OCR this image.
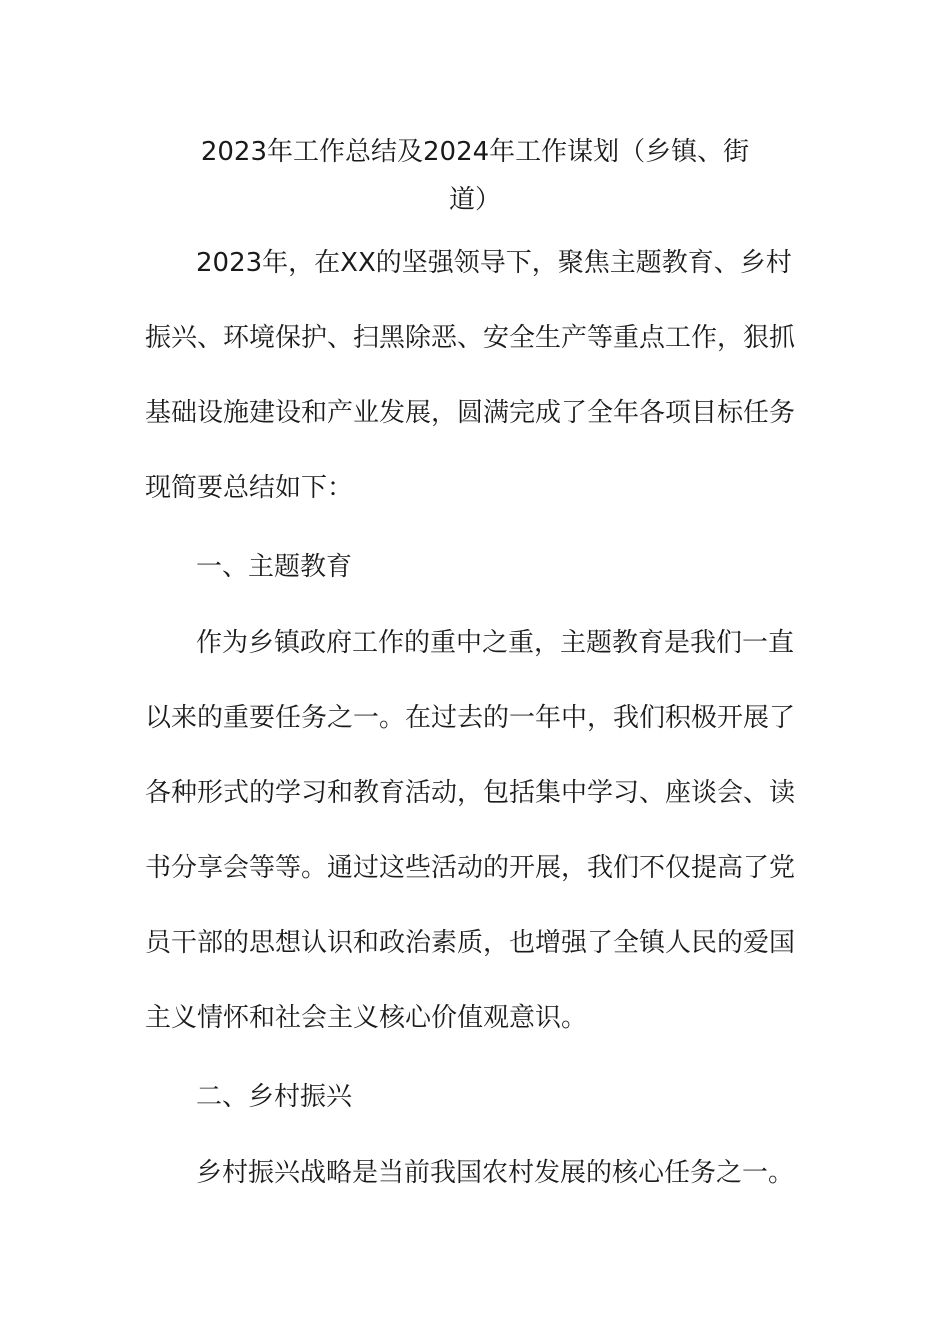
2023年工作总结及2024年工作谋划（乡镇、街
道）

2023年，在XX的坚强领导下，聚焦主题教育、乡村

振兴、环境保护、扫黑除恶、安全生产等重点工作，狠抓

基础设施建设和产业发展，圆满完成了全年各项目标任务

现简要总结如下：

一、主题教育

作为乡镇政府工作的重中之重，主题教育是我们一直

以来的重要任务之一。在过去的一年中，我们积极开展了

各种形式的学习和教育活动，包括集中学习、座谈会、读

书分享会等等。通过这些活动的开展，我们不仅提高了党

员干部的思想认识和政治素质，也增强了全镇人民的爱国

主义情怀和社会主义核心价值观意识。

二、乡村振兴

乡村振兴战略是当前我国农村发展的核心任务之一。
